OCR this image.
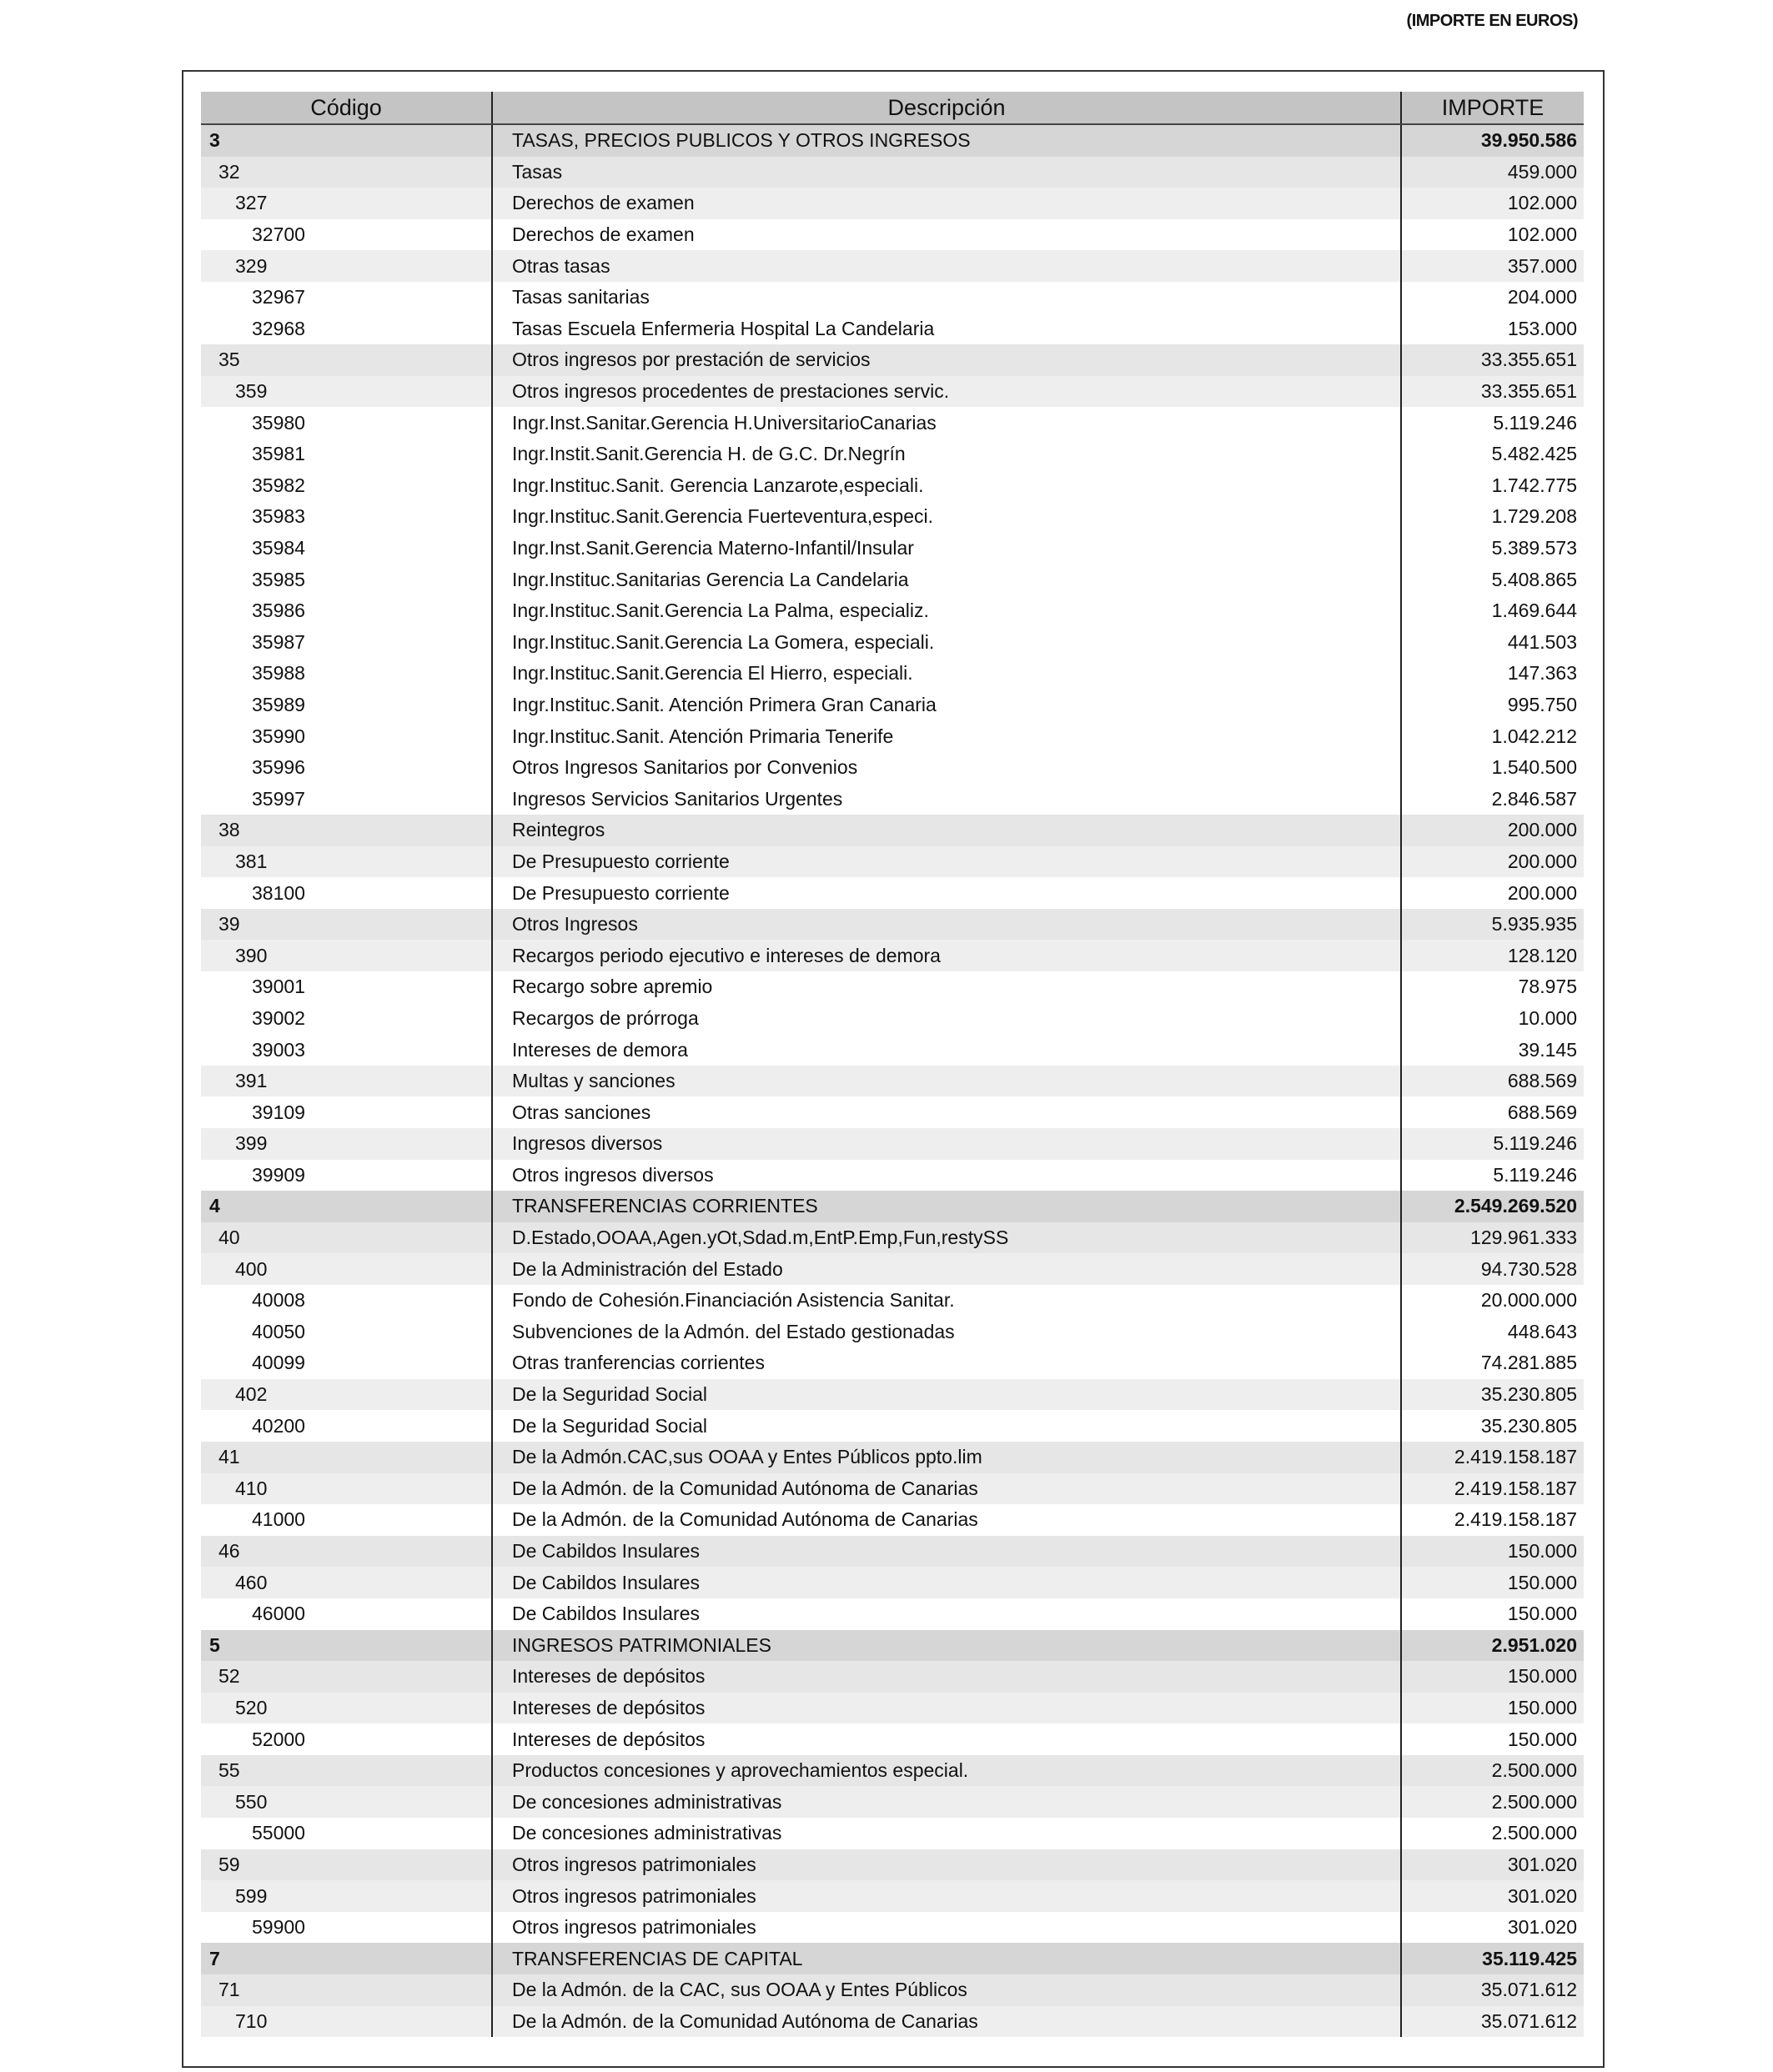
(IMPORTE EN EUROS)
Código	Descripción	IMPORTE
3	TASAS, PRECIOS PUBLICOS Y OTROS INGRESOS	39.950.586
32	Tasas	459.000
327	Derechos de examen	102.000
32700	Derechos de examen	102.000
329	Otras tasas	357.000
32967	Tasas sanitarias	204.000
32968	Tasas Escuela Enfermeria Hospital La Candelaria	153.000
35	Otros ingresos por prestación de servicios	33.355.651
359	Otros ingresos procedentes de prestaciones servic.	33.355.651
35980	Ingr.Inst.Sanitar.Gerencia H.UniversitarioCanarias	5.119.246
35981	Ingr.Instit.Sanit.Gerencia H. de G.C. Dr.Negrín	5.482.425
35982	Ingr.Instituc.Sanit. Gerencia Lanzarote,especiali.	1.742.775
35983	Ingr.Instituc.Sanit.Gerencia Fuerteventura,especi.	1.729.208
35984	Ingr.Inst.Sanit.Gerencia Materno-Infantil/Insular	5.389.573
35985	Ingr.Instituc.Sanitarias Gerencia La Candelaria	5.408.865
35986	Ingr.Instituc.Sanit.Gerencia La Palma, especializ.	1.469.644
35987	Ingr.Instituc.Sanit.Gerencia La Gomera, especiali.	441.503
35988	Ingr.Instituc.Sanit.Gerencia El Hierro, especiali.	147.363
35989	Ingr.Instituc.Sanit. Atención Primera Gran Canaria	995.750
35990	Ingr.Instituc.Sanit. Atención Primaria Tenerife	1.042.212
35996	Otros Ingresos Sanitarios por Convenios	1.540.500
35997	Ingresos Servicios Sanitarios Urgentes	2.846.587
38	Reintegros	200.000
381	De Presupuesto corriente	200.000
38100	De Presupuesto corriente	200.000
39	Otros Ingresos	5.935.935
390	Recargos periodo ejecutivo e intereses de demora	128.120
39001	Recargo sobre apremio	78.975
39002	Recargos de prórroga	10.000
39003	Intereses de demora	39.145
391	Multas y sanciones	688.569
39109	Otras sanciones	688.569
399	Ingresos diversos	5.119.246
39909	Otros ingresos diversos	5.119.246
4	TRANSFERENCIAS CORRIENTES	2.549.269.520
40	D.Estado,OOAA,Agen.yOt,Sdad.m,EntP.Emp,Fun,restySS	129.961.333
400	De la Administración del Estado	94.730.528
40008	Fondo de Cohesión.Financiación Asistencia Sanitar.	20.000.000
40050	Subvenciones de la Admón. del Estado gestionadas	448.643
40099	Otras tranferencias corrientes	74.281.885
402	De la Seguridad Social	35.230.805
40200	De la Seguridad Social	35.230.805
41	De la Admón.CAC,sus OOAA y Entes Públicos ppto.lim	2.419.158.187
410	De la Admón. de la Comunidad Autónoma de Canarias	2.419.158.187
41000	De la Admón. de la Comunidad Autónoma de Canarias	2.419.158.187
46	De Cabildos Insulares	150.000
460	De Cabildos Insulares	150.000
46000	De Cabildos Insulares	150.000
5	INGRESOS PATRIMONIALES	2.951.020
52	Intereses de depósitos	150.000
520	Intereses de depósitos	150.000
52000	Intereses de depósitos	150.000
55	Productos concesiones y aprovechamientos especial.	2.500.000
550	De concesiones administrativas	2.500.000
55000	De concesiones administrativas	2.500.000
59	Otros ingresos patrimoniales	301.020
599	Otros ingresos patrimoniales	301.020
59900	Otros ingresos patrimoniales	301.020
7	TRANSFERENCIAS DE CAPITAL	35.119.425
71	De la Admón. de la CAC, sus OOAA y Entes Públicos	35.071.612
710	De la Admón. de la Comunidad Autónoma de Canarias	35.071.612
